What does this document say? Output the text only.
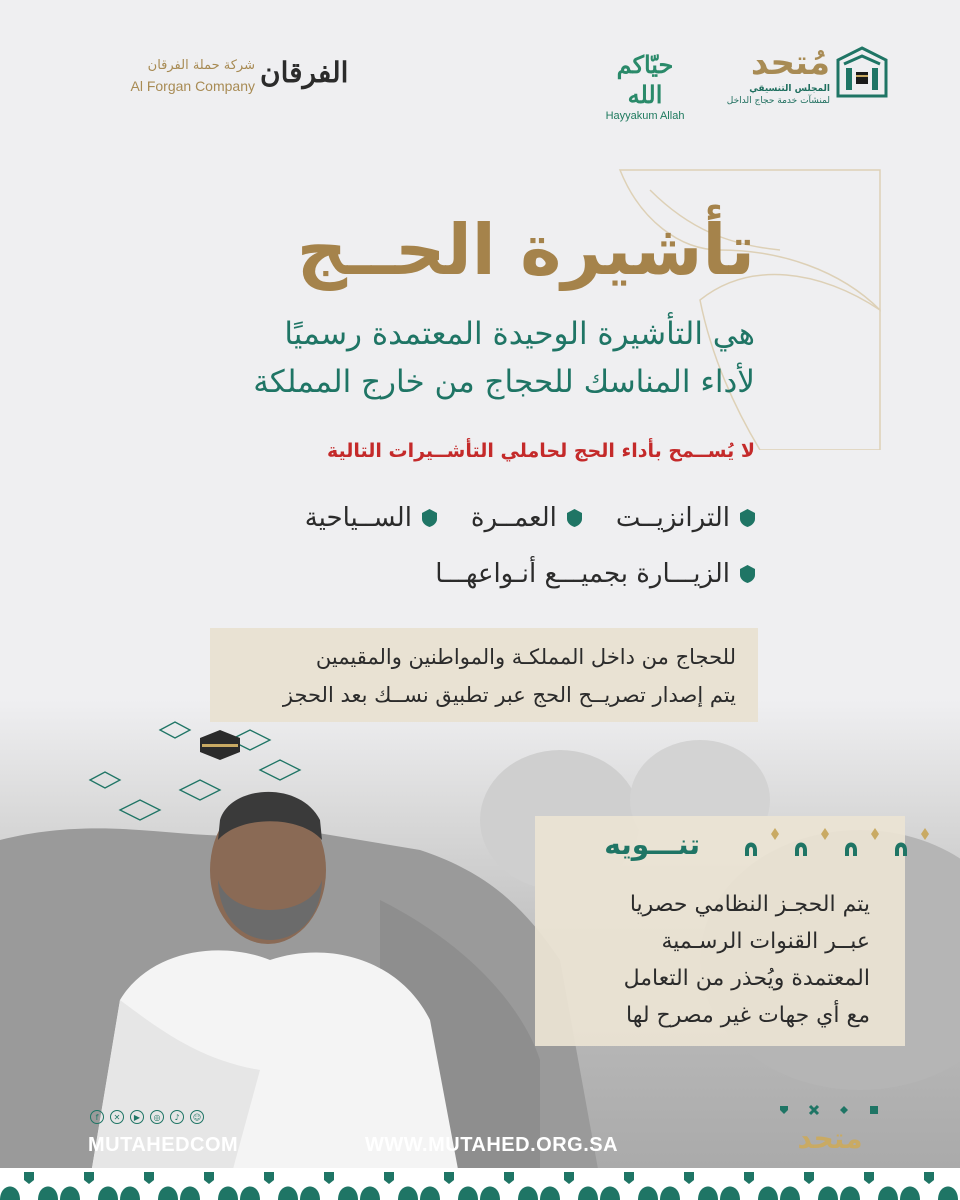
مُتحد
المجلس التنسيقي
لمنشآت خدمة حجاج الداخل
حيّاكم الله
Hayyakum Allah
الفرقان
شركة حملة الفرقان
Al Forgan Company
تأشيرة الحــج
هي التأشيرة الوحيدة المعتمدة رسميًا
لأداء المناسك للحجاج من خارج المملكة
لا يُســمح بأداء الحج لحاملي التأشــيرات التالية
الترانزيــت
العمــرة
الســياحية
الزيـــارة بجميـــع أنـواعهـــا
للحجاج من داخل المملكـة والمواطنين والمقيمين
يتم إصدار تصريــح الحج عبر تطبيق نســك بعد الحجز
تنـــويه
يتم الحجـز النظامي حصريا
عبــر القنوات الرسـمية
المعتمدة ويُحذر من التعامل
مع أي جهات غير مصرح لها
f	✕	▶	◎	♪	☺
MUTAHEDCOM	WWW.MUTAHED.ORG.SA	متحد
